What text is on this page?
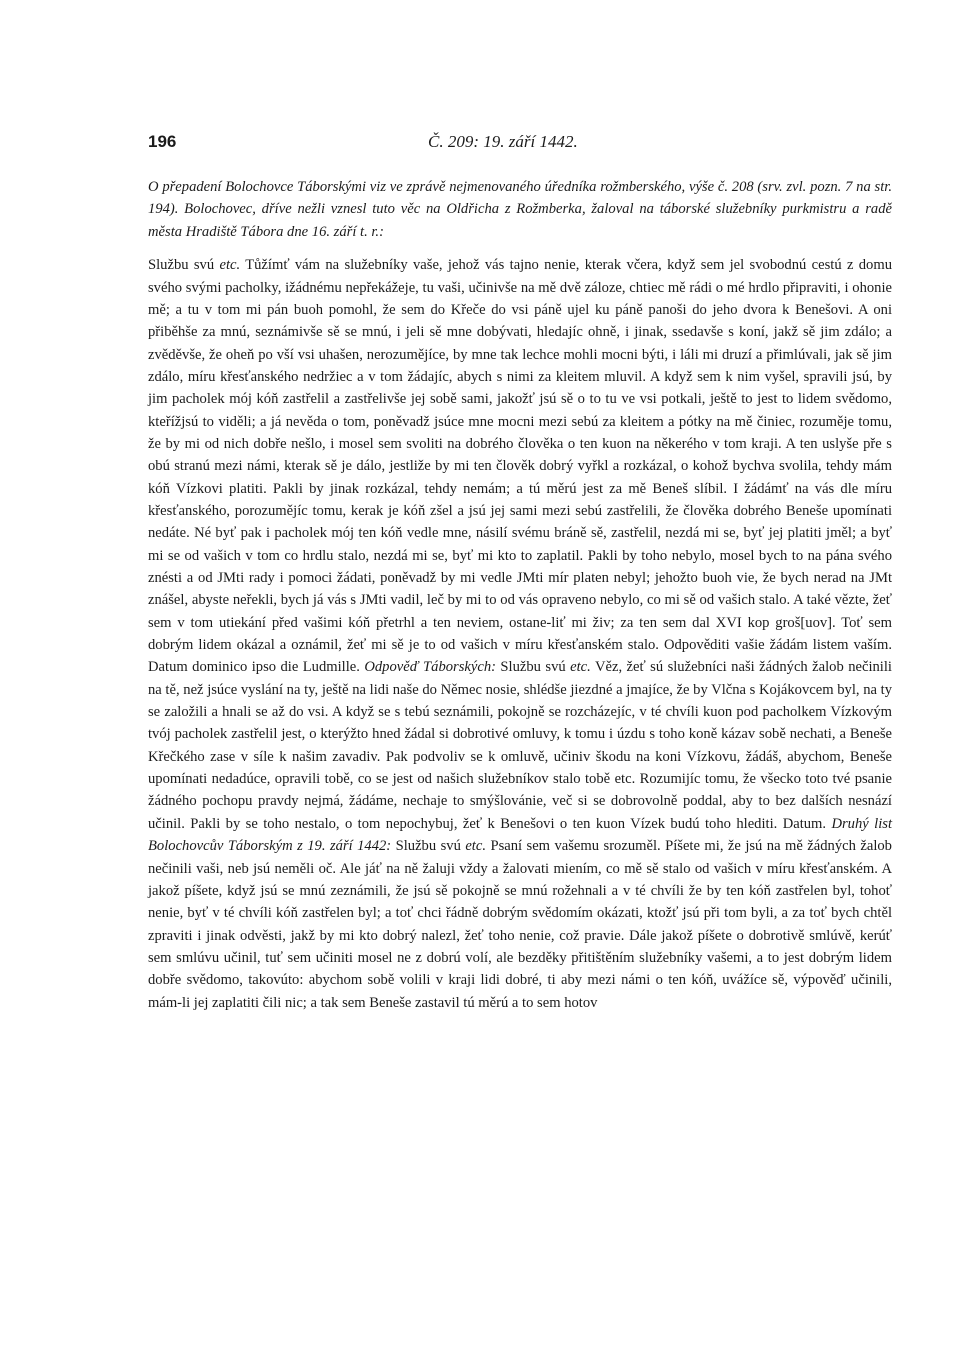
196	Č. 209: 19. září 1442.
O přepadení Bolochovce Táborskými viz ve zprávě nejmenovaného úředníka rožmberského, výše č. 208 (srv. zvl. pozn. 7 na str. 194). Bolochovec, dříve nežli vznesl tuto věc na Oldřicha z Rožmberka, žaloval na táborské služebníky purkmistru a radě města Hradiště Tábora dne 16. září t. r.:
Službu svú etc. Tůžímť vám na služebníky vaše, jehož vás tajno nenie, kterak včera, když sem jel svobodnú cestú z domu svého svými pacholky, ižádnému nepřekážeje, tu vaši, učinivše na mě dvě záloze, chtiec mě rádi o mé hrdlo připraviti, i ohonie mě; a tu v tom mi pán buoh pomohl, že sem do Křeče do vsi páně ujel ku páně panoši do jeho dvora k Benešovi. A oni přiběhše za mnú, seznámivše sě se mnú, i jeli sě mne dobývati, hledajíc ohně, i jinak, ssedavše s koní, jakž sě jim zdálo; a zvěděvše, že oheň po vší vsi uhašen, nerozumějíce, by mne tak lechce mohli mocni býti, i láli mi druzí a přimlúvali, jak sě jim zdálo, míru křesťanského nedržiec a v tom žádajíc, abych s nimi za kleitem mluvil. A když sem k nim vyšel, spravili jsú, by jim pacholek mój kóň zastřelil a zastřelivše jej sobě sami, jakožť jsú sě o to tu ve vsi potkali, ještě to jest to lidem svědomo, kteřížjsú to viděli; a já nevěda o tom, poněvadž jsúce mne mocni mezi sebú za kleitem a pótky na mě činiec, rozuměje tomu, že by mi od nich dobře nešlo, i mosel sem svoliti na dobrého člověka o ten kuon na někerého v tom kraji. A ten uslyše pře s obú stranú mezi námi, kterak sě je dálo, jestliže by mi ten člověk dobrý vyřkl a rozkázal, o kohož bychva svolila, tehdy mám kóň Vízkovi platiti. Pakli by jinak rozkázal, tehdy nemám; a tú měrú jest za mě Beneš slíbil. I žádámť na vás dle míru křesťanského, porozumějíc tomu, kerak je kóň zšel a jsú jej sami mezi sebú zastřelili, že člověka dobrého Beneše upomínati nedáte. Né byť pak i pacholek mój ten kóň vedle mne, násilí svému bráně sě, zastřelil, nezdá mi se, byť jej platiti jměl; a byť mi se od vašich v tom co hrdlu stalo, nezdá mi se, byť mi kto to zaplatil. Pakli by toho nebylo, mosel bych to na pána svého znésti a od JMti rady i pomoci žádati, poněvadž by mi vedle JMti mír platen nebyl; jehožto buoh vie, že bych nerad na JMt znášel, abyste neřekli, bych já vás s JMti vadil, leč by mi to od vás opraveno nebylo, co mi sě od vašich stalo. A také vězte, žeť sem v tom utiekání před vašimi kóň přetrhl a ten neviem, ostane-liť mi živ; za ten sem dal XVI kop groš[uov]. Toť sem dobrým lidem okázal a oznámil, žeť mi sě je to od vašich v míru křesťanském stalo. Odpověditi vašie žádám listem vaším. Datum dominico ipso die Ludmille. Odpověď Táborských: Službu svú etc. Věz, žeť sú služebníci naši žádných žalob nečinili na tě, než jsúce vyslání na ty, ještě na lidi naše do Němec nosie, shlédše jiezdné a jmajíce, že by Vlčna s Kojákovcem byl, na ty se založili a hnali se až do vsi. A když se s tebú seznámili, pokojně se rozcházejíc, v té chvíli kuon pod pacholkem Vízkovým tvój pacholek zastřelil jest, o kterýžto hned žádal si dobrotivé omluvy, k tomu i úzdu s toho koně kázav sobě nechati, a Beneše Křečkého zase v síle k našim zavadiv. Pak podvoliv se k omluvě, učiniv škodu na koni Vízkovu, žádáš, abychom, Beneše upomínati nedadúce, opravili tobě, co se jest od našich služebníkov stalo tobě etc. Rozumijíc tomu, že všecko toto tvé psanie žádného pochopu pravdy nejmá, žádáme, nechaje to smýšlovánie, več si se dobrovolně poddal, aby to bez dalších nesnází učinil. Pakli by se toho nestalo, o tom nepochybuj, žeť k Benešovi o ten kuon Vízek budú toho hlediti. Datum. Druhý list Bolochovcův Táborským z 19. září 1442: Službu svú etc. Psaní sem vašemu srozuměl. Píšete mi, že jsú na mě žádných žalob nečinili vaši, neb jsú neměli oč. Ale jáť na ně žaluji vždy a žalovati miením, co mě sě stalo od vašich v míru křesťanském. A jakož píšete, když jsú se mnú zeznámili, že jsú sě pokojně se mnú rožehnali a v té chvíli že by ten kóň zastřelen byl, tohoť nenie, byť v té chvíli kóň zastřelen byl; a toť chci řádně dobrým svědomím okázati, ktožť jsú při tom byli, a za toť bych chtěl zpraviti i jinak odvěsti, jakž by mi kto dobrý nalezl, žeť toho nenie, což pravie. Dále jakož píšete o dobrotivě smlúvě, kerúť sem smlúvu učinil, tuť sem učiniti mosel ne z dobrú volí, ale bezděky přitištěním služebníky vašemi, a to jest dobrým lidem dobře svědomo, takovúto: abychom sobě volili v kraji lidi dobré, ti aby mezi námi o ten kóň, uvážíce sě, výpověď učinili, mám-li jej zaplatiti čili nic; a tak sem Beneše zastavil tú měrú a to sem hotov
